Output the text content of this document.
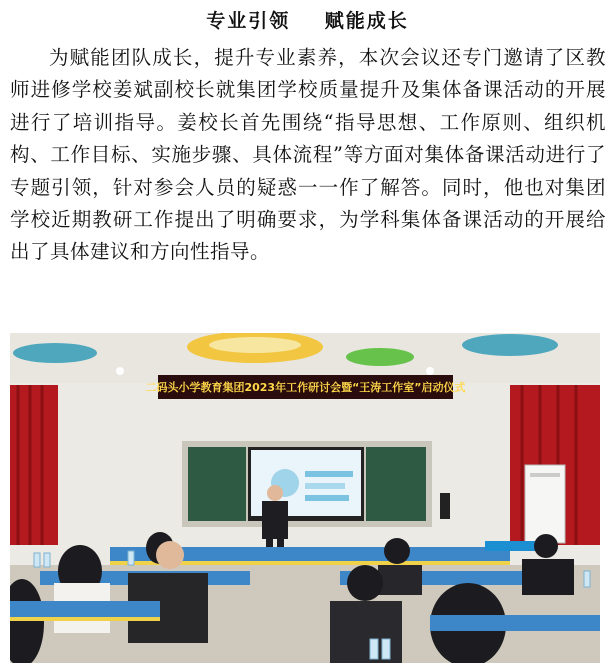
专业引领    赋能成长

为赋能团队成长，提升专业素养，本次会议还专门邀请了区教师进修学校姜斌副校长就集团学校质量提升及集体备课活动的开展进行了培训指导。姜校长首先围绕“指导思想、工作原则、组织机构、工作目标、实施步骤、具体流程”等方面对集体备课活动进行了专题引领，针对参会人员的疑惑一一作了解答。同时，他也对集团学校近期教研工作提出了明确要求，为学科集体备课活动的开展给出了具体建议和方向性指导。

二码头小学教育集团2023年工作研讨会暨“王涛工作室”启动仪式
